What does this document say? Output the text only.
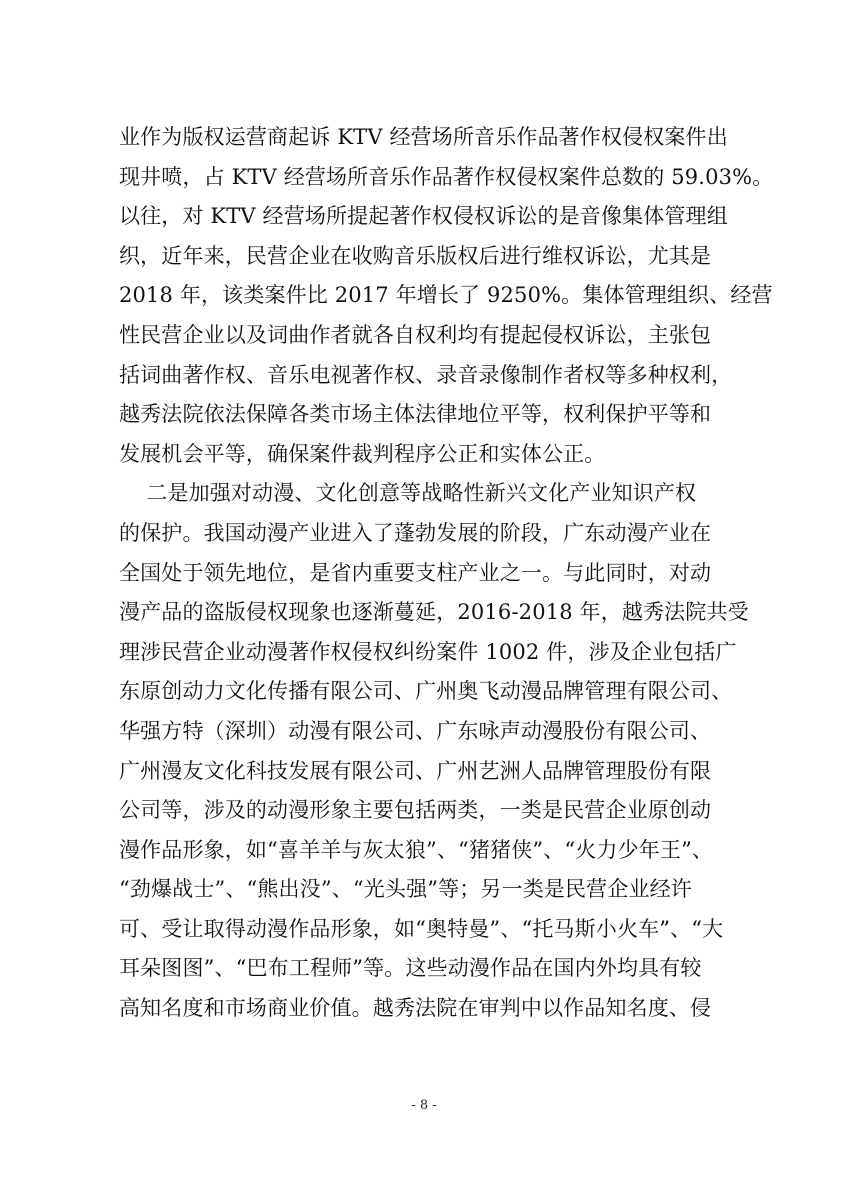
业作为版权运营商起诉 KTV 经营场所音乐作品著作权侵权案件出
现井喷，占 KTV 经营场所音乐作品著作权侵权案件总数的 59.03%。
以往，对 KTV 经营场所提起著作权侵权诉讼的是音像集体管理组
织，近年来，民营企业在收购音乐版权后进行维权诉讼，尤其是
2018 年，该类案件比 2017 年增长了 9250%。集体管理组织、经营
性民营企业以及词曲作者就各自权利均有提起侵权诉讼，主张包
括词曲著作权、音乐电视著作权、录音录像制作者权等多种权利，
越秀法院依法保障各类市场主体法律地位平等，权利保护平等和
发展机会平等，确保案件裁判程序公正和实体公正。
二是加强对动漫、文化创意等战略性新兴文化产业知识产权
的保护。我国动漫产业进入了蓬勃发展的阶段，广东动漫产业在
全国处于领先地位，是省内重要支柱产业之一。与此同时，对动
漫产品的盗版侵权现象也逐渐蔓延，2016-2018 年，越秀法院共受
理涉民营企业动漫著作权侵权纠纷案件 1002 件，涉及企业包括广
东原创动力文化传播有限公司、广州奥飞动漫品牌管理有限公司、
华强方特（深圳）动漫有限公司、广东咏声动漫股份有限公司、
广州漫友文化科技发展有限公司、广州艺洲人品牌管理股份有限
公司等，涉及的动漫形象主要包括两类，一类是民营企业原创动
漫作品形象，如“喜羊羊与灰太狼”、“猪猪侠”、“火力少年王”、
“劲爆战士”、“熊出没”、“光头强”等；另一类是民营企业经许
可、受让取得动漫作品形象，如“奥特曼”、“托马斯小火车”、“大
耳朵图图”、“巴布工程师”等。这些动漫作品在国内外均具有较
高知名度和市场商业价值。越秀法院在审判中以作品知名度、侵
- 8 -
